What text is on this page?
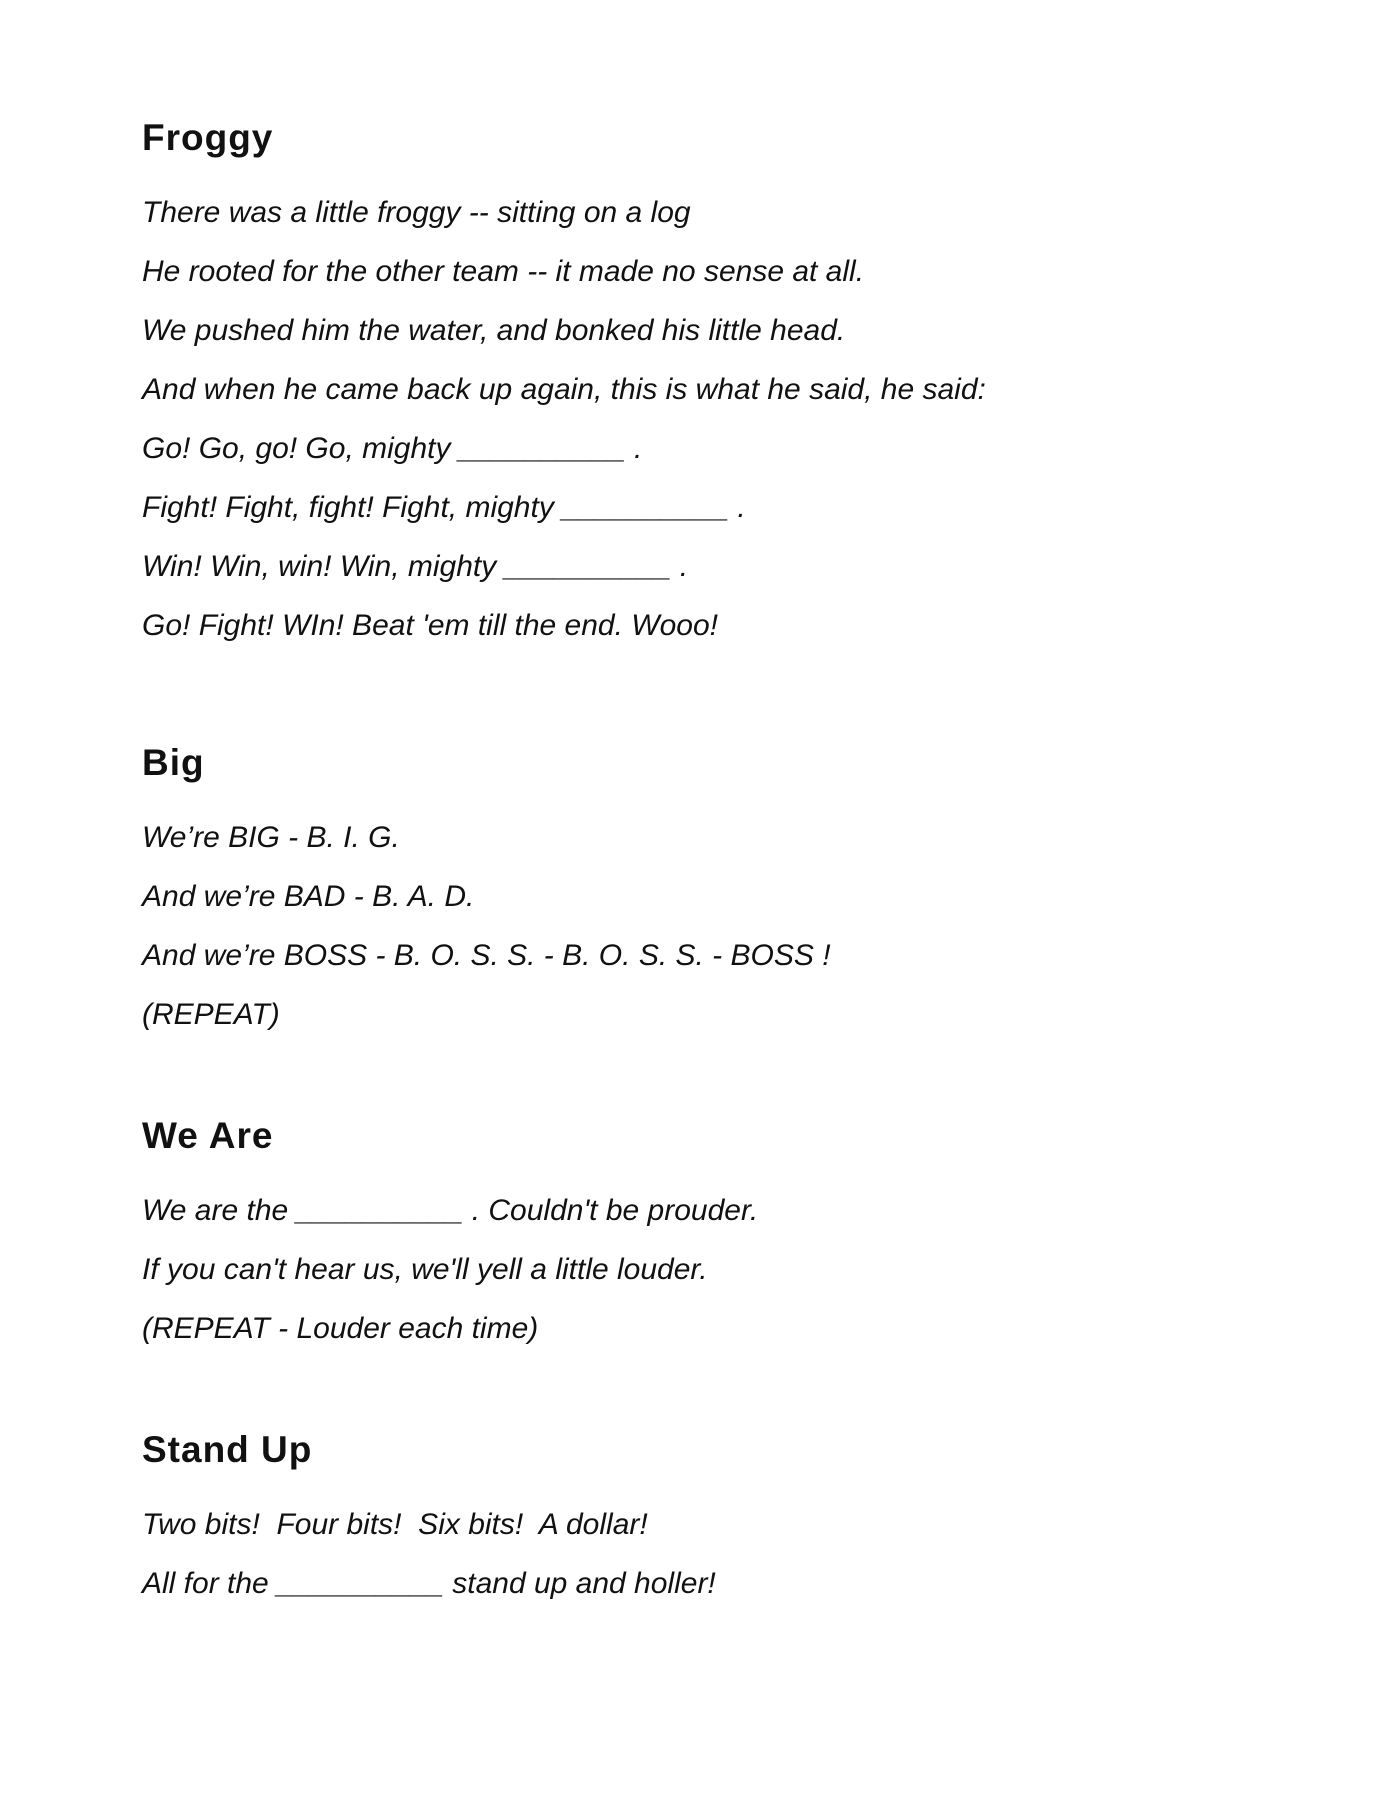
Froggy

There was a little froggy -- sitting on a log

He rooted for the other team -- it made no sense at all.

We pushed him the water, and bonked his little head.

And when he came back up again, this is what he said, he said:

Go! Go, go! Go, mighty __________ .

Fight! Fight, fight! Fight, mighty __________ .

Win! Win, win! Win, mighty __________ .

Go! Fight! WIn! Beat 'em till the end. Wooo!

Big

We’re BIG - B. I. G.

And we’re BAD - B. A. D.

And we’re BOSS - B. O. S. S. - B. O. S. S. - BOSS !

(REPEAT)

We Are

We are the __________ . Couldn't be prouder.

If you can't hear us, we'll yell a little louder.

(REPEAT - Louder each time)

Stand Up

Two bits!  Four bits!  Six bits!  A dollar!

All for the __________ stand up and holler!
